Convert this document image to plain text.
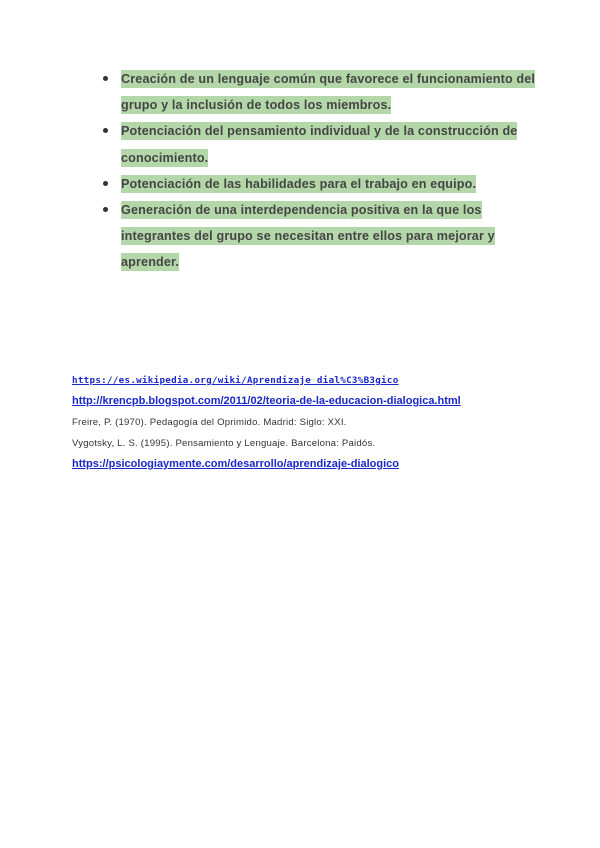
Creación de un lenguaje común que favorece el funcionamiento del grupo y la inclusión de todos los miembros.
Potenciación del pensamiento individual y de la construcción de conocimiento.
Potenciación de las habilidades para el trabajo en equipo.
Generación de una interdependencia positiva en la que los integrantes del grupo se necesitan entre ellos para mejorar y aprender.
https://es.wikipedia.org/wiki/Aprendizaje_dial%C3%B3gico
http://krencpb.blogspot.com/2011/02/teoria-de-la-educacion-dialogica.html
Freire, P. (1970). Pedagogía del Oprimido. Madrid: Siglo: XXI.
Vygotsky, L. S. (1995). Pensamiento y Lenguaje. Barcelona: Paidós.
https://psicologiaymente.com/desarrollo/aprendizaje-dialogico
